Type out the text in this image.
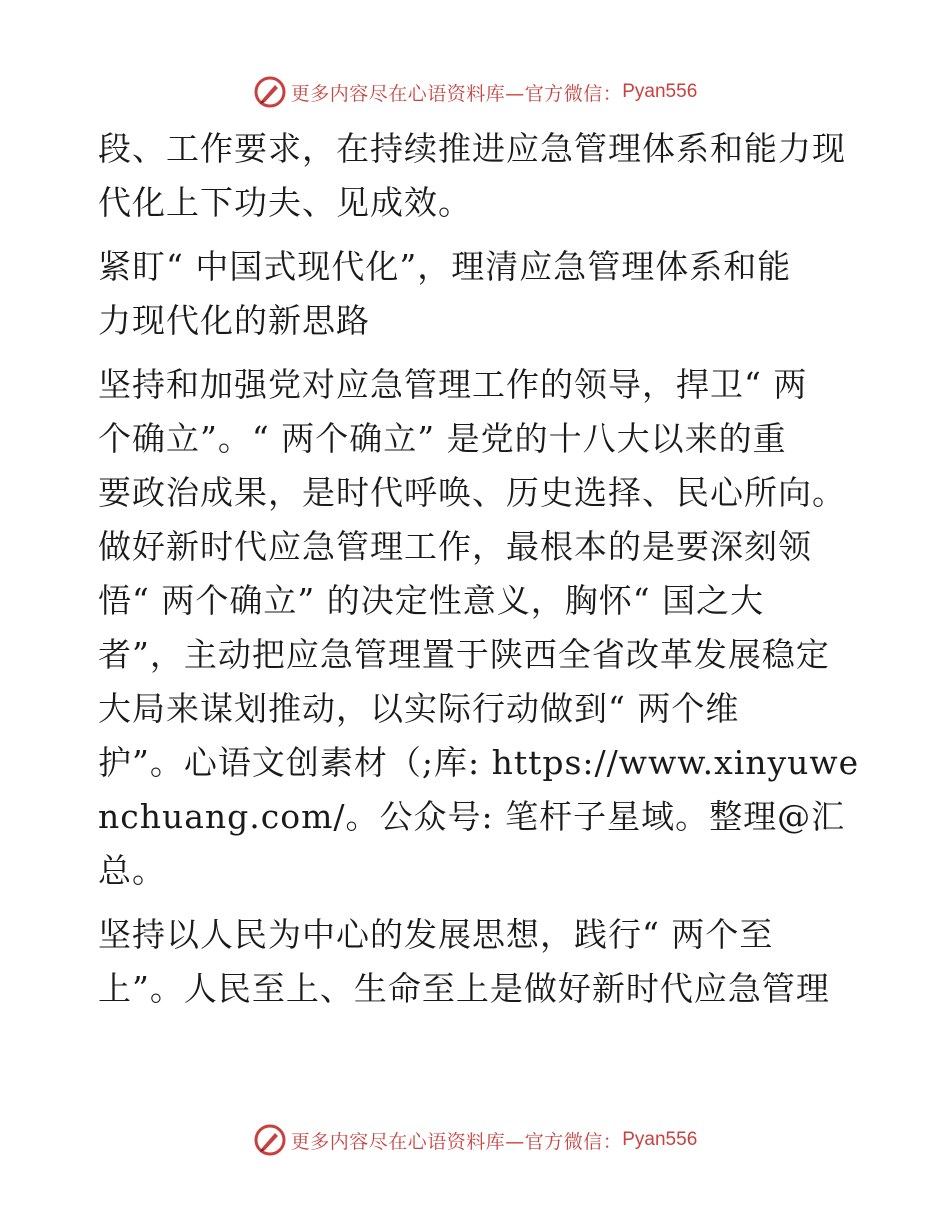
更多内容尽在心语资料库—官方微信： Pyan556
段、工作要求，在持续推进应急管理体系和能力现
代化上下功夫、见成效。
紧盯“ 中国式现代化”，理清应急管理体系和能
力现代化的新思路
坚持和加强党对应急管理工作的领导，捍卫“ 两
个确立”。“ 两个确立” 是党的十八大以来的重
要政治成果，是时代呼唤、历史选择、民心所向。
做好新时代应急管理工作，最根本的是要深刻领
悟“ 两个确立” 的决定性意义，胸怀“ 国之大
者”，主动把应急管理置于陕西全省改革发展稳定
大局来谋划推动，以实际行动做到“ 两个维
护”。心语文创素材（;库: https://www.xinyuwe
nchuang.com/。公众号: 笔杆子星域。整理@汇
总。
坚持以人民为中心的发展思想，践行“ 两个至
上”。人民至上、生命至上是做好新时代应急管理
更多内容尽在心语资料库—官方微信： Pyan556
